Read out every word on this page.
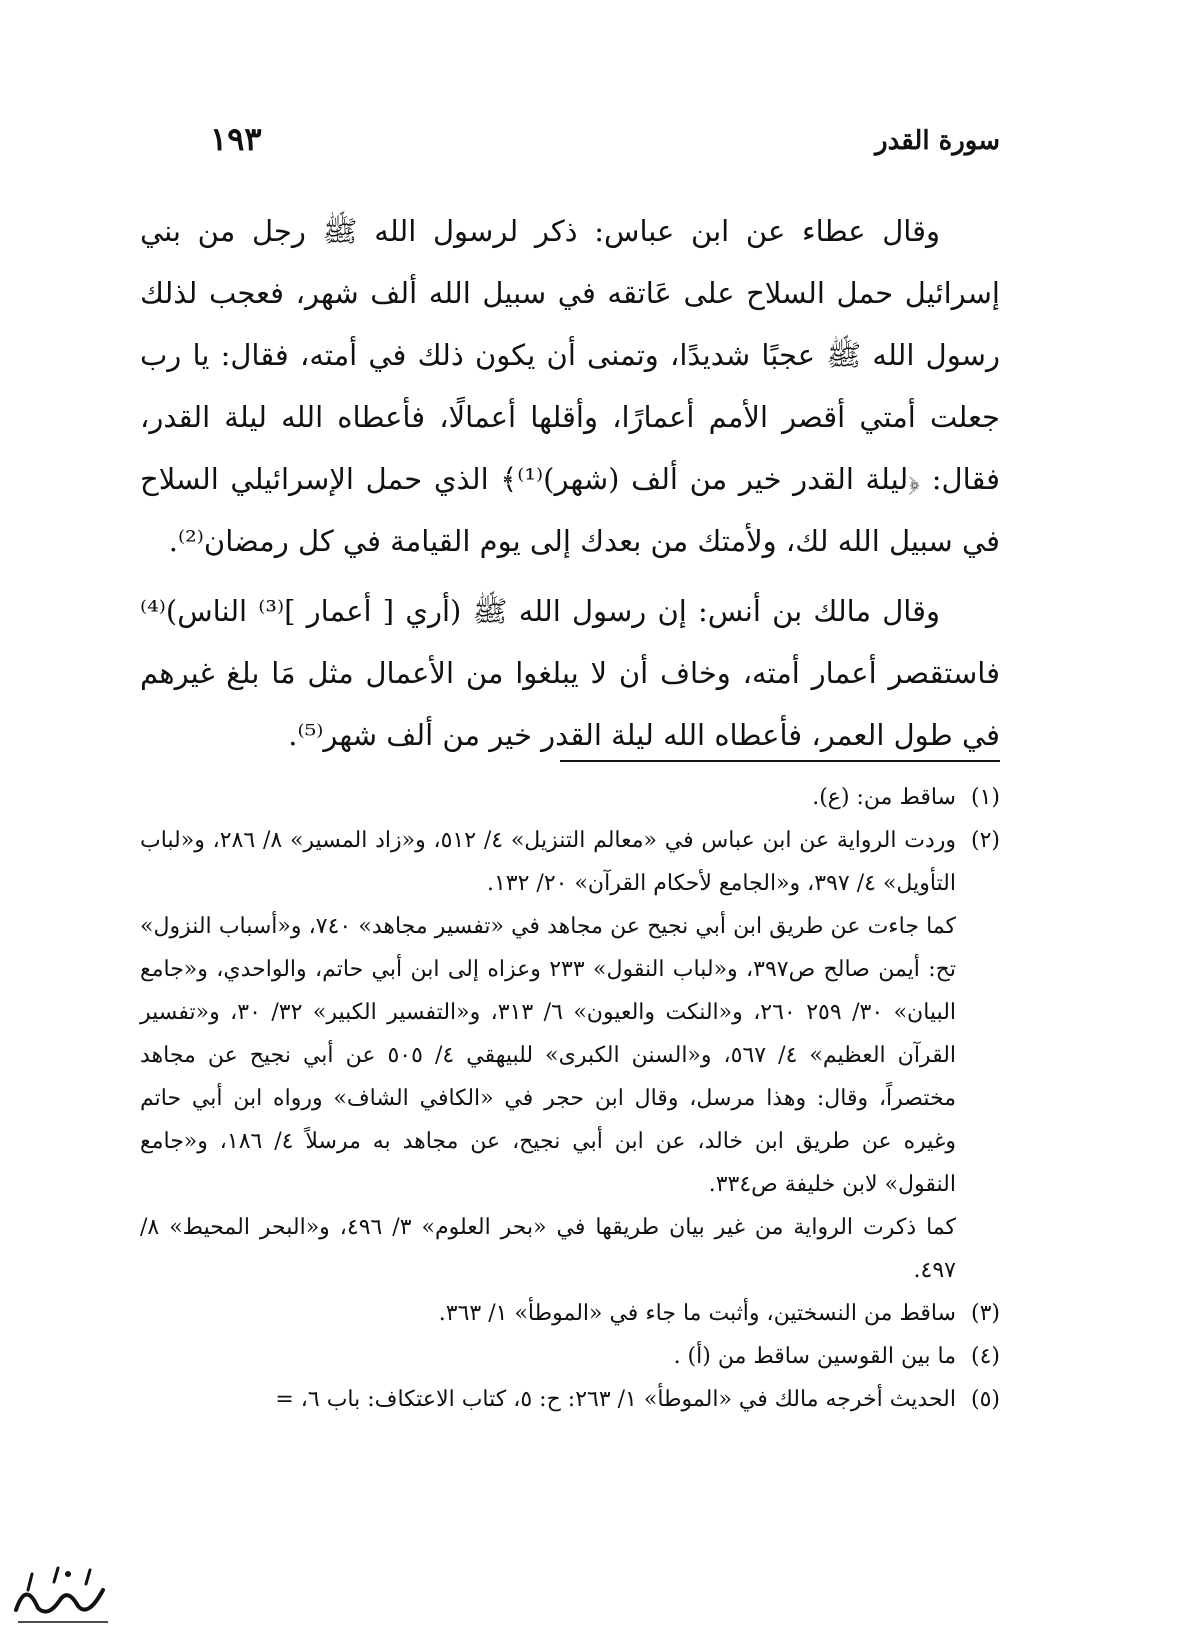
سورة القدر
١٩٣

وقال عطاء عن ابن عباس: ذكر لرسول الله ﷺ رجل من بني إسرائيل حمل السلاح على عَاتقه في سبيل الله ألف شهر، فعجب لذلك رسول الله ﷺ عجبًا شديدًا، وتمنى أن يكون ذلك في أمته، فقال: يا رب جعلت أمتي أقصر الأمم أعمارًا، وأقلها أعمالًا، فأعطاه الله ليلة القدر، فقال: ﴿ليلة القدر خير من ألف (شهر)⁽¹⁾﴾ الذي حمل الإسرائيلي السلاح في سبيل الله لك، ولأمتك من بعدك إلى يوم القيامة في كل رمضان⁽²⁾.

وقال مالك بن أنس: إن رسول الله ﷺ (أري [ أعمار ]⁽³⁾ الناس)⁽⁴⁾ فاستقصر أعمار أمته، وخاف أن لا يبلغوا من الأعمال مثل مَا بلغ غيرهم في طول العمر، فأعطاه الله ليلة القدر خير من ألف شهر⁽⁵⁾.

(١)
ساقط من: (ع).
(٢)
وردت الرواية عن ابن عباس في «معالم التنزيل» ٤/ ٥١٢، و«زاد المسير» ٨/ ٢٨٦، و«لباب التأويل» ٤/ ٣٩٧، و«الجامع لأحكام القرآن» ٢٠/ ١٣٢.
كما جاءت عن طريق ابن أبي نجيح عن مجاهد في «تفسير مجاهد» ٧٤٠، و«أسباب النزول» تح: أيمن صالح ص٣٩٧، و«لباب النقول» ٢٣٣ وعزاه إلى ابن أبي حاتم، والواحدي، و«جامع البيان» ٣٠/ ٢٥٩ ٢٦٠، و«النكت والعيون» ٦/ ٣١٣، و«التفسير الكبير» ٣٢/ ٣٠، و«تفسير القرآن العظيم» ٤/ ٥٦٧، و«السنن الكبرى» للبيهقي ٤/ ٥٠٥ عن أبي نجيح عن مجاهد مختصراً، وقال: وهذا مرسل، وقال ابن حجر في «الكافي الشاف» ورواه ابن أبي حاتم وغيره عن طريق ابن خالد، عن ابن أبي نجيح، عن مجاهد به مرسلاً ٤/ ١٨٦، و«جامع النقول» لابن خليفة ص٣٣٤.
كما ذكرت الرواية من غير بيان طريقها في «بحر العلوم» ٣/ ٤٩٦، و«البحر المحيط» ٨/ ٤٩٧.
(٣)
ساقط من النسختين، وأثبت ما جاء في «الموطأ» ١/ ٣٦٣.
(٤)
ما بين القوسين ساقط من (أ) .
(٥)
الحديث أخرجه مالك في «الموطأ» ١/ ٢٦٣: ح: ٥، كتاب الاعتكاف: باب ٦، =
